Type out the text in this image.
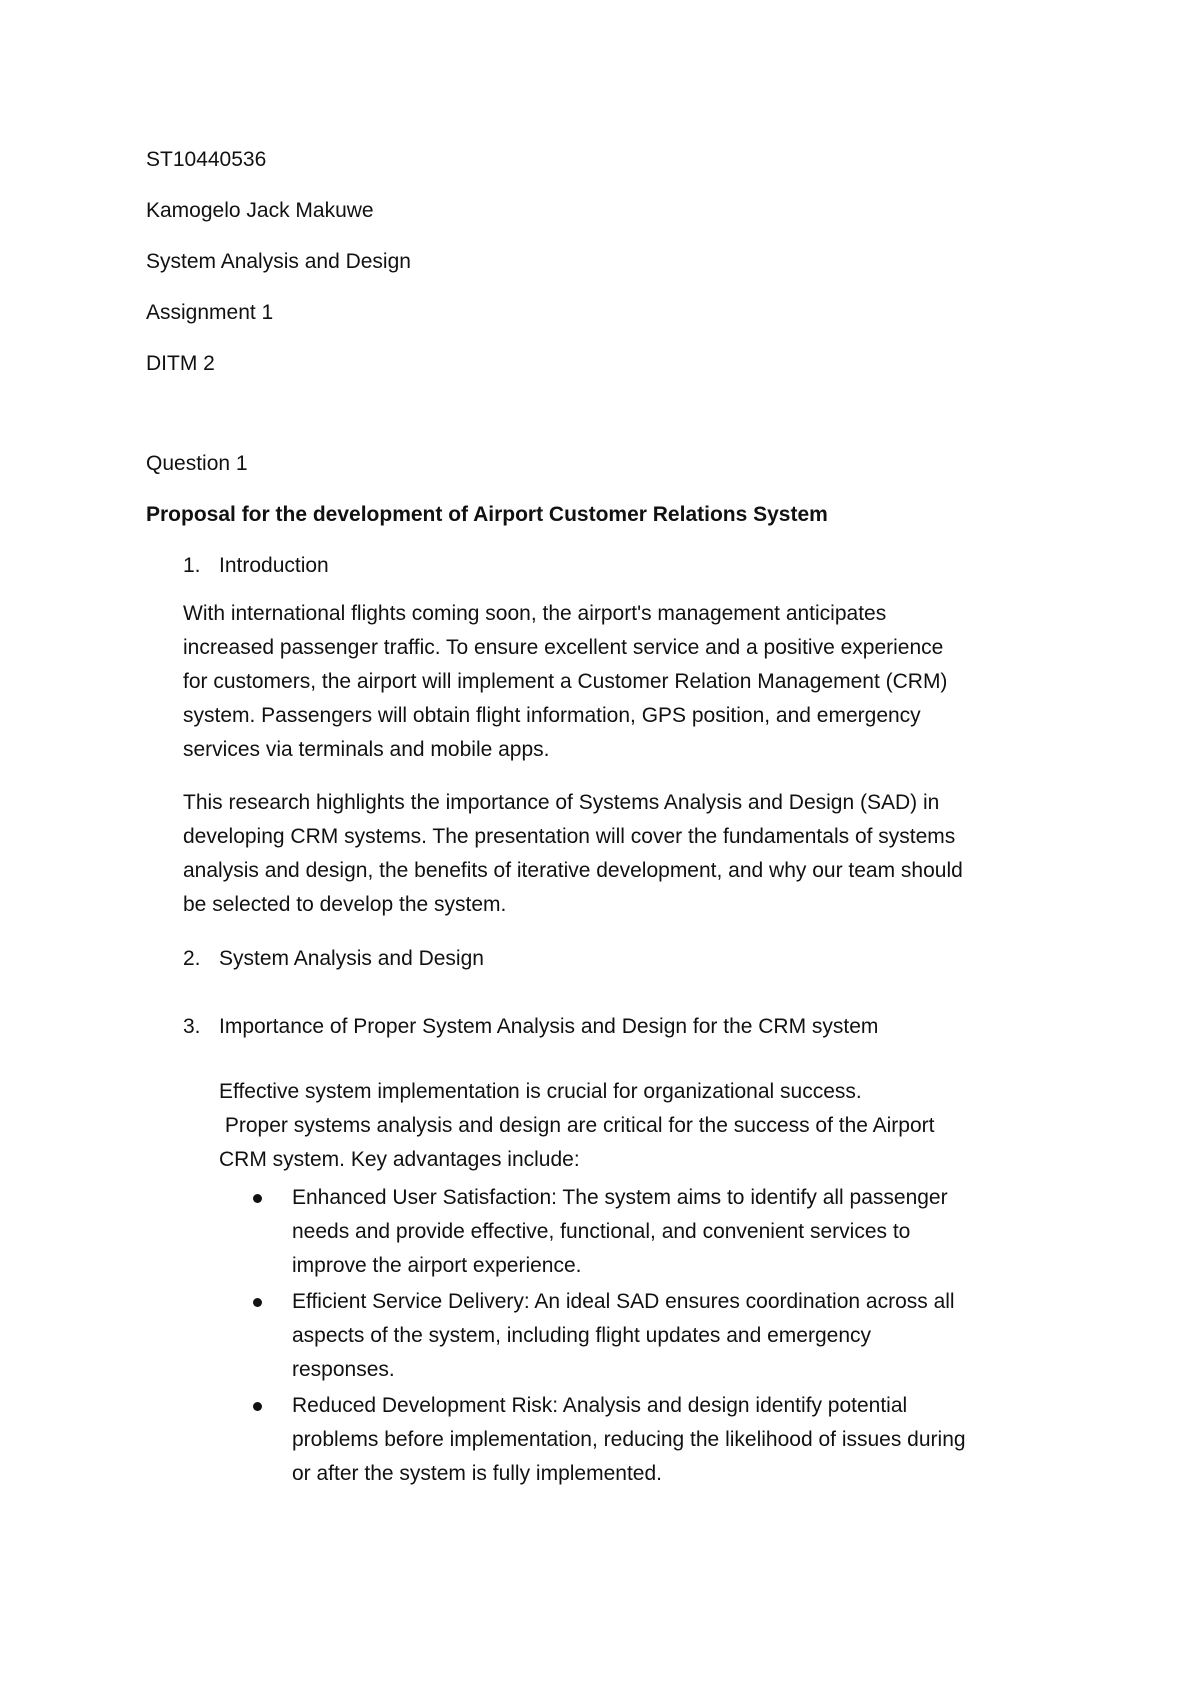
ST10440536
Kamogelo Jack Makuwe
System Analysis and Design
Assignment 1
DITM 2
Question 1
Proposal for the development of Airport Customer Relations System
1. Introduction
With international flights coming soon, the airport's management anticipates
increased passenger traffic. To ensure excellent service and a positive experience
for customers, the airport will implement a Customer Relation Management (CRM)
system. Passengers will obtain flight information, GPS position, and emergency
services via terminals and mobile apps.
This research highlights the importance of Systems Analysis and Design (SAD) in
developing CRM systems. The presentation will cover the fundamentals of systems
analysis and design, the benefits of iterative development, and why our team should
be selected to develop the system.
2. System Analysis and Design
3. Importance of Proper System Analysis and Design for the CRM system
Effective system implementation is crucial for organizational success.
Proper systems analysis and design are critical for the success of the Airport
CRM system. Key advantages include:
Enhanced User Satisfaction: The system aims to identify all passenger
needs and provide effective, functional, and convenient services to
improve the airport experience.
Efficient Service Delivery: An ideal SAD ensures coordination across all
aspects of the system, including flight updates and emergency
responses.
Reduced Development Risk: Analysis and design identify potential
problems before implementation, reducing the likelihood of issues during
or after the system is fully implemented.
